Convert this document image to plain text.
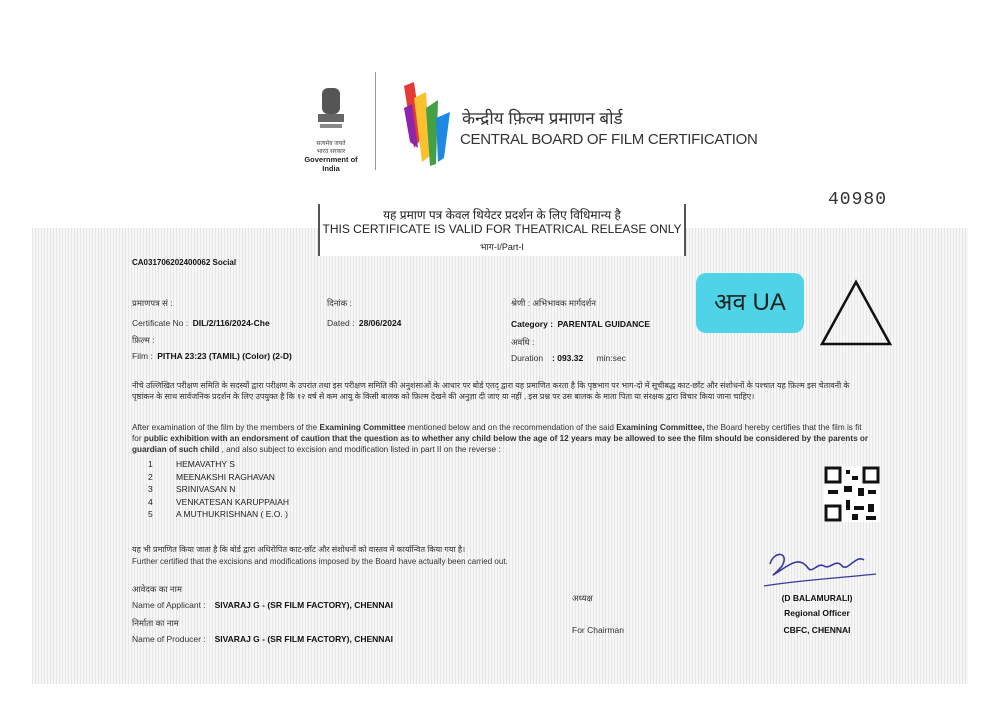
सत्यमेव जयते
भारत सरकार
Government of India
केन्द्रीय फ़िल्म प्रमाणन बोर्ड
CENTRAL BOARD OF FILM CERTIFICATION
40980
यह प्रमाण पत्र केवल थियेटर प्रदर्शन के लिए विधिमान्य है
THIS CERTIFICATE IS VALID FOR THEATRICAL RELEASE ONLY
भाग-I/Part-I
CA031706202400062 Social
प्रमाणपत्र सं :
Certificate No : DIL/2/116/2024-Che
फ़िल्म :
Film : PITHA 23:23 (TAMIL) (Color) (2-D)
दिनांक :
Dated : 28/06/2024
श्रेणी : अभिभावक मार्गदर्शन
Category : PARENTAL GUIDANCE
अवधि :
Duration : 093.32 min:sec
अव UA
नीचे उल्लिखित परीक्षण समिति के सदस्यों द्वारा परीक्षण के उपरांत तथा इस परीक्षण समिति की अनुशंसाओं के आधार पर बोर्ड एतद् द्वारा यह प्रमाणित करता है कि पृष्ठभाग पर भाग-दो में सूचीबद्ध काट-छाँट और संशोधनों के पश्चात यह फ़िल्म इस चेतावनी के पृष्ठांकन के साथ सार्वजनिक प्रदर्शन के लिए उपयुक्त है कि १२ वर्ष से कम आयु के किसी बालक को फ़िल्म देखने की अनुज्ञा दी जाए या नहीं , इस प्रश्न पर उस बालक के माता पिता या संरक्षक द्वारा विचार किया जाना चाहिए।
After examination of the film by the members of the Examining Committee mentioned below and on the recommendation of the said Examining Committee, the Board hereby certifies that the film is fit for public exhibition with an endorsment of caution that the question as to whether any child below the age of 12 years may be allowed to see the film should be considered by the parents or guardian of such child , and also subject to excision and modification listed in part II on the reverse :
1	HEMAVATHY S
2	MEENAKSHI RAGHAVAN
3	SRINIVASAN N
4	VENKATESAN KARUPPAIAH
5	A MUTHUKRISHNAN ( E.O. )
यह भी प्रमाणित किया जाता है कि बोर्ड द्वारा अधिरोपित काट-छाँट और संशोधनों को वास्तव में कार्यान्वित किया गया है।
Further certified that the excisions and modifications imposed by the Board have actually been carried out.
आवेदक का नाम
Name of Applicant : SIVARAJ G - (SR FILM FACTORY), CHENNAI
निर्माता का नाम
Name of Producer : SIVARAJ G - (SR FILM FACTORY), CHENNAI
अध्यक्ष
For Chairman
(D BALAMURALI)
Regional Officer
CBFC, CHENNAI
